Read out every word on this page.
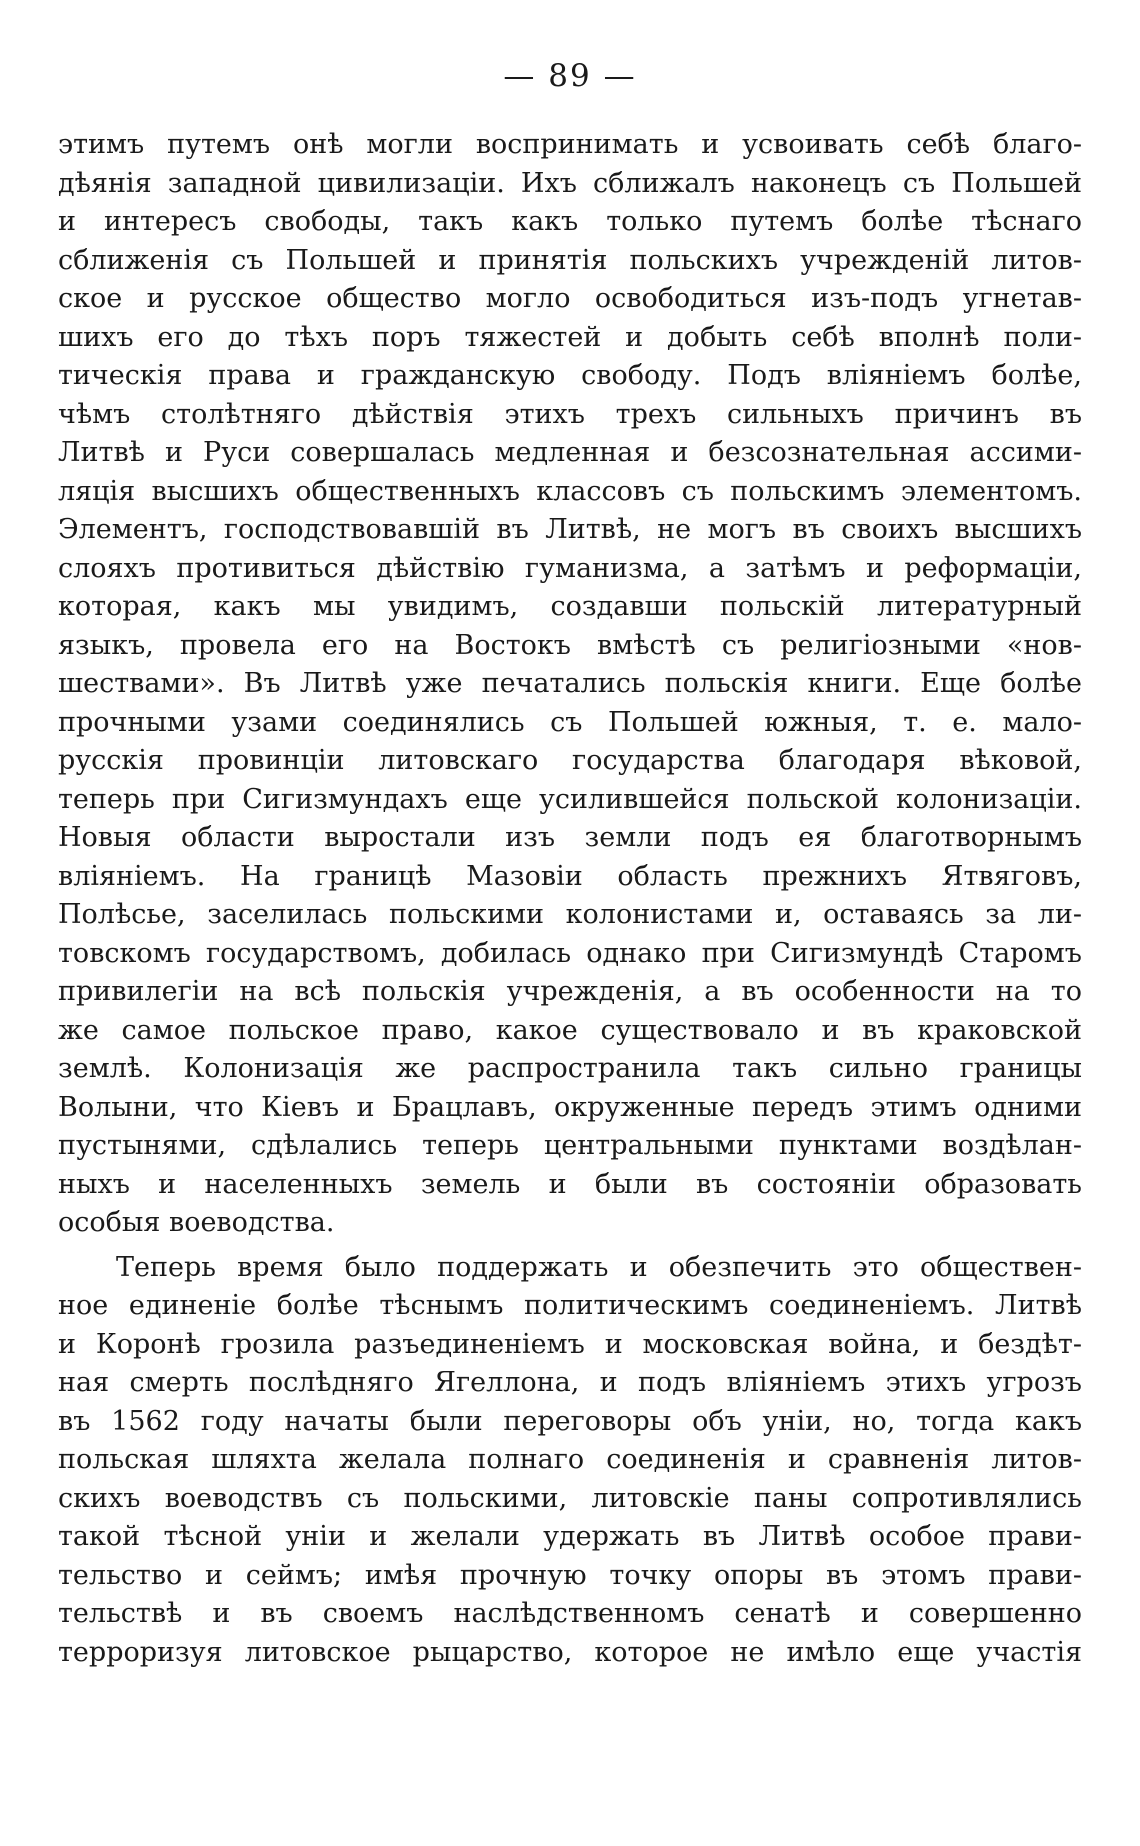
— 89 —
этимъ путемъ онѣ могли воспринимать и усвоивать себѣ благо-
дѣянія западной цивилизаціи. Ихъ сближалъ наконецъ съ Польшей
и интересъ свободы, такъ какъ только путемъ болѣе тѣснаго
сближенія съ Польшей и принятія польскихъ учрежденій литов-
ское и русское общество могло освободиться изъ-подъ угнетав-
шихъ его до тѣхъ поръ тяжестей и добыть себѣ вполнѣ поли-
тическія права и гражданскую свободу. Подъ вліяніемъ болѣе,
чѣмъ столѣтняго дѣйствія этихъ трехъ сильныхъ причинъ въ
Литвѣ и Руси совершалась медленная и безсознательная ассими-
ляція высшихъ общественныхъ классовъ съ польскимъ элементомъ.
Элементъ, господствовавшій въ Литвѣ, не могъ въ своихъ высшихъ
слояхъ противиться дѣйствію гуманизма, а затѣмъ и реформаціи,
которая, какъ мы увидимъ, создавши польскій литературный
языкъ, провела его на Востокъ вмѣстѣ съ религіозными «нов-
шествами». Въ Литвѣ уже печатались польскія книги. Еще болѣе
прочными узами соединялись съ Польшей южныя, т. е. мало-
русскія провинціи литовскаго государства благодаря вѣковой,
теперь при Сигизмундахъ еще усилившейся польской колонизаціи.
Новыя области выростали изъ земли подъ ея благотворнымъ
вліяніемъ. На границѣ Мазовіи область прежнихъ Ятвяговъ,
Полѣсье, заселилась польскими колонистами и, оставаясь за ли-
товскомъ государствомъ, добилась однако при Сигизмундѣ Старомъ
привилегіи на всѣ польскія учрежденія, а въ особенности на то
же самое польское право, какое существовало и въ краковской
землѣ. Колонизація же распространила такъ сильно границы
Волыни, что Кіевъ и Брацлавъ, окруженные передъ этимъ одними
пустынями, сдѣлались теперь центральными пунктами воздѣлан-
ныхъ и населенныхъ земель и были въ состояніи образовать
особыя воеводства.
Теперь время было поддержать и обезпечить это обществен-
ное единеніе болѣе тѣснымъ политическимъ соединеніемъ. Литвѣ
и Коронѣ грозила разъединеніемъ и московская война, и бездѣт-
ная смерть послѣдняго Ягеллона, и подъ вліяніемъ этихъ угрозъ
въ 1562 году начаты были переговоры объ уніи, но, тогда какъ
польская шляхта желала полнаго соединенія и сравненія литов-
скихъ воеводствъ съ польскими, литовскіе паны сопротивлялись
такой тѣсной уніи и желали удержать въ Литвѣ особое прави-
тельство и сеймъ; имѣя прочную точку опоры въ этомъ прави-
тельствѣ и въ своемъ наслѣдственномъ сенатѣ и совершенно
терроризуя литовское рыцарство, которое не имѣло еще участія
